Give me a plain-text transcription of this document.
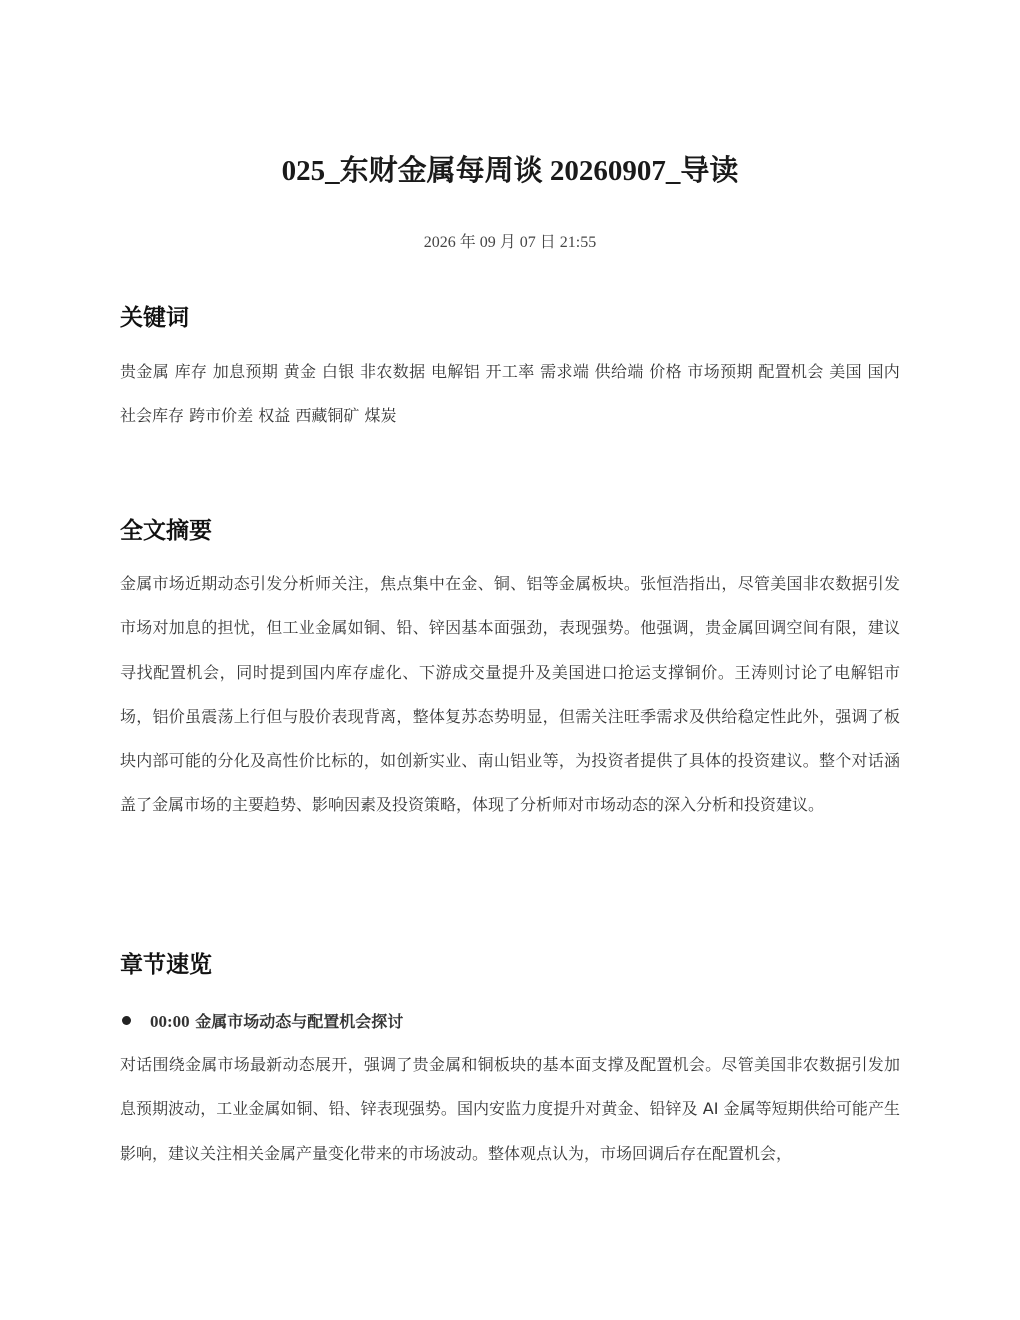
025_东财金属每周谈 20260907_导读
2026 年 09 月 07 日 21:55
关键词

贵金属 库存 加息预期 黄金 白银 非农数据 电解铝 开工率 需求端 供给端 价格 市场预期 配置机会 美国 国内 社会库存 跨市价差 权益 西藏铜矿 煤炭

全文摘要

金属市场近期动态引发分析师关注，焦点集中在金、铜、铝等金属板块。张恒浩指出，尽管美国非农数据引发市场对加息的担忧，但工业金属如铜、铅、锌因基本面强劲，表现强势。他强调，贵金属回调空间有限，建议寻找配置机会，同时提到国内库存虚化、下游成交量提升及美国进口抢运支撑铜价。王涛则讨论了电解铝市场，铝价虽震荡上行但与股价表现背离，整体复苏态势明显，但需关注旺季需求及供给稳定性此外，强调了板块内部可能的分化及高性价比标的，如创新实业、南山铝业等，为投资者提供了具体的投资建议。整个对话涵盖了金属市场的主要趋势、影响因素及投资策略，体现了分析师对市场动态的深入分析和投资建议。

章节速览
00:00 金属市场动态与配置机会探讨

对话围绕金属市场最新动态展开，强调了贵金属和铜板块的基本面支撑及配置机会。尽管美国非农数据引发加息预期波动，工业金属如铜、铅、锌表现强势。国内安监力度提升对黄金、铅锌及 AI 金属等短期供给可能产生影响，建议关注相关金属产量变化带来的市场波动。整体观点认为，市场回调后存在配置机会，
